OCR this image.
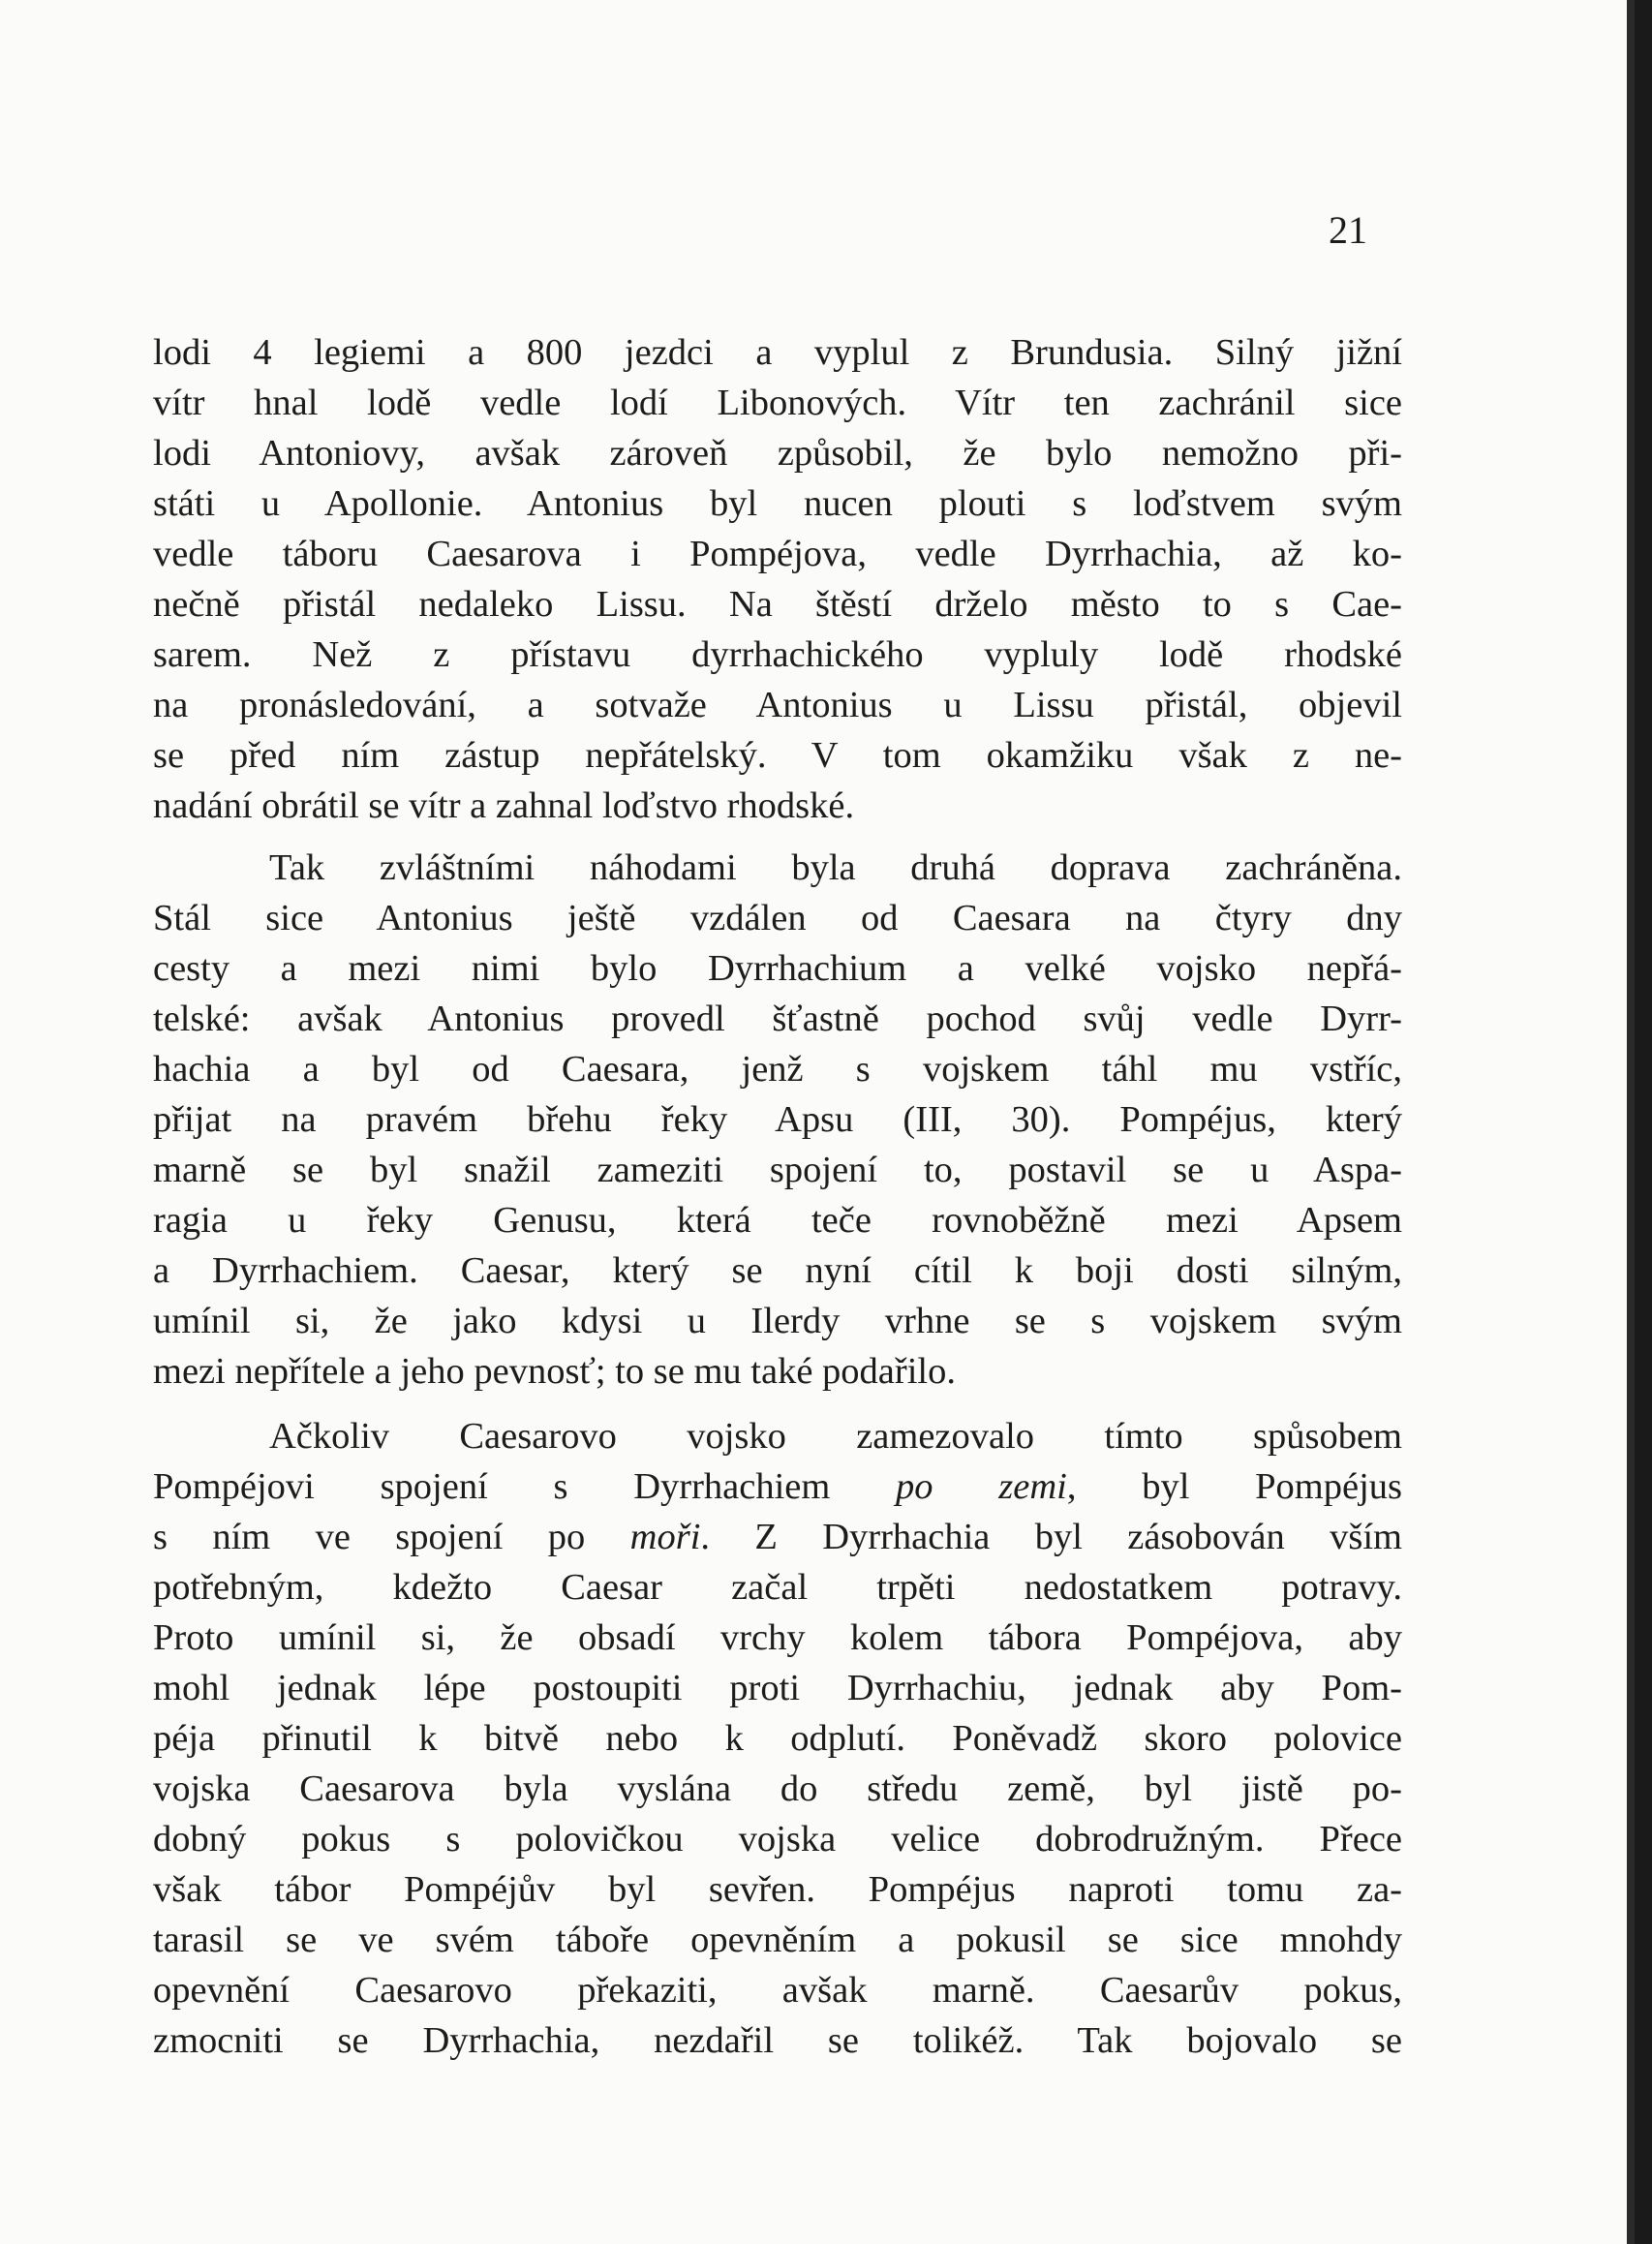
21
lodi 4 legiemi a 800 jezdci a vyplul z Brundusia. Silný jižní
vítr hnal lodě vedle lodí Libonových. Vítr ten zachránil sice
lodi Antoniovy, avšak zároveň způsobil, že bylo nemožno při-
státi u Apollonie. Antonius byl nucen plouti s loďstvem svým
vedle táboru Caesarova i Pompéjova, vedle Dyrrhachia, až ko-
nečně přistál nedaleko Lissu. Na štěstí drželo město to s Cae-
sarem. Než z přístavu dyrrhachického vypluly lodě rhodské
na pronásledování, a sotvaže Antonius u Lissu přistál, objevil
se před ním zástup nepřátelský. V tom okamžiku však z ne-
nadání obrátil se vítr a zahnal loďstvo rhodské.
Tak zvláštními náhodami byla druhá doprava zachráněna.
Stál sice Antonius ještě vzdálen od Caesara na čtyry dny
cesty a mezi nimi bylo Dyrrhachium a velké vojsko nepřá-
telské: avšak Antonius provedl šťastně pochod svůj vedle Dyrr-
hachia a byl od Caesara, jenž s vojskem táhl mu vstříc,
přijat na pravém břehu řeky Apsu (III, 30). Pompéjus, který
marně se byl snažil zameziti spojení to, postavil se u Aspa-
ragia u řeky Genusu, která teče rovnoběžně mezi Apsem
a Dyrrhachiem. Caesar, který se nyní cítil k boji dosti silným,
umínil si, že jako kdysi u Ilerdy vrhne se s vojskem svým
mezi nepřítele a jeho pevnosť; to se mu také podařilo.
Ačkoliv Caesarovo vojsko zamezovalo tímto spůsobem
Pompéjovi spojení s Dyrrhachiem po zemi, byl Pompéjus
s ním ve spojení po moři. Z Dyrrhachia byl zásobován vším
potřebným, kdežto Caesar začal trpěti nedostatkem potravy.
Proto umínil si, že obsadí vrchy kolem tábora Pompéjova, aby
mohl jednak lépe postoupiti proti Dyrrhachiu, jednak aby Pom-
péja přinutil k bitvě nebo k odplutí. Poněvadž skoro polovice
vojska Caesarova byla vyslána do středu země, byl jistě po-
dobný pokus s polovičkou vojska velice dobrodružným. Přece
však tábor Pompéjův byl sevřen. Pompéjus naproti tomu za-
tarasil se ve svém táboře opevněním a pokusil se sice mnohdy
opevnění Caesarovo překaziti, avšak marně. Caesarův pokus,
zmocniti se Dyrrhachia, nezdařil se tolikéž. Tak bojovalo se
